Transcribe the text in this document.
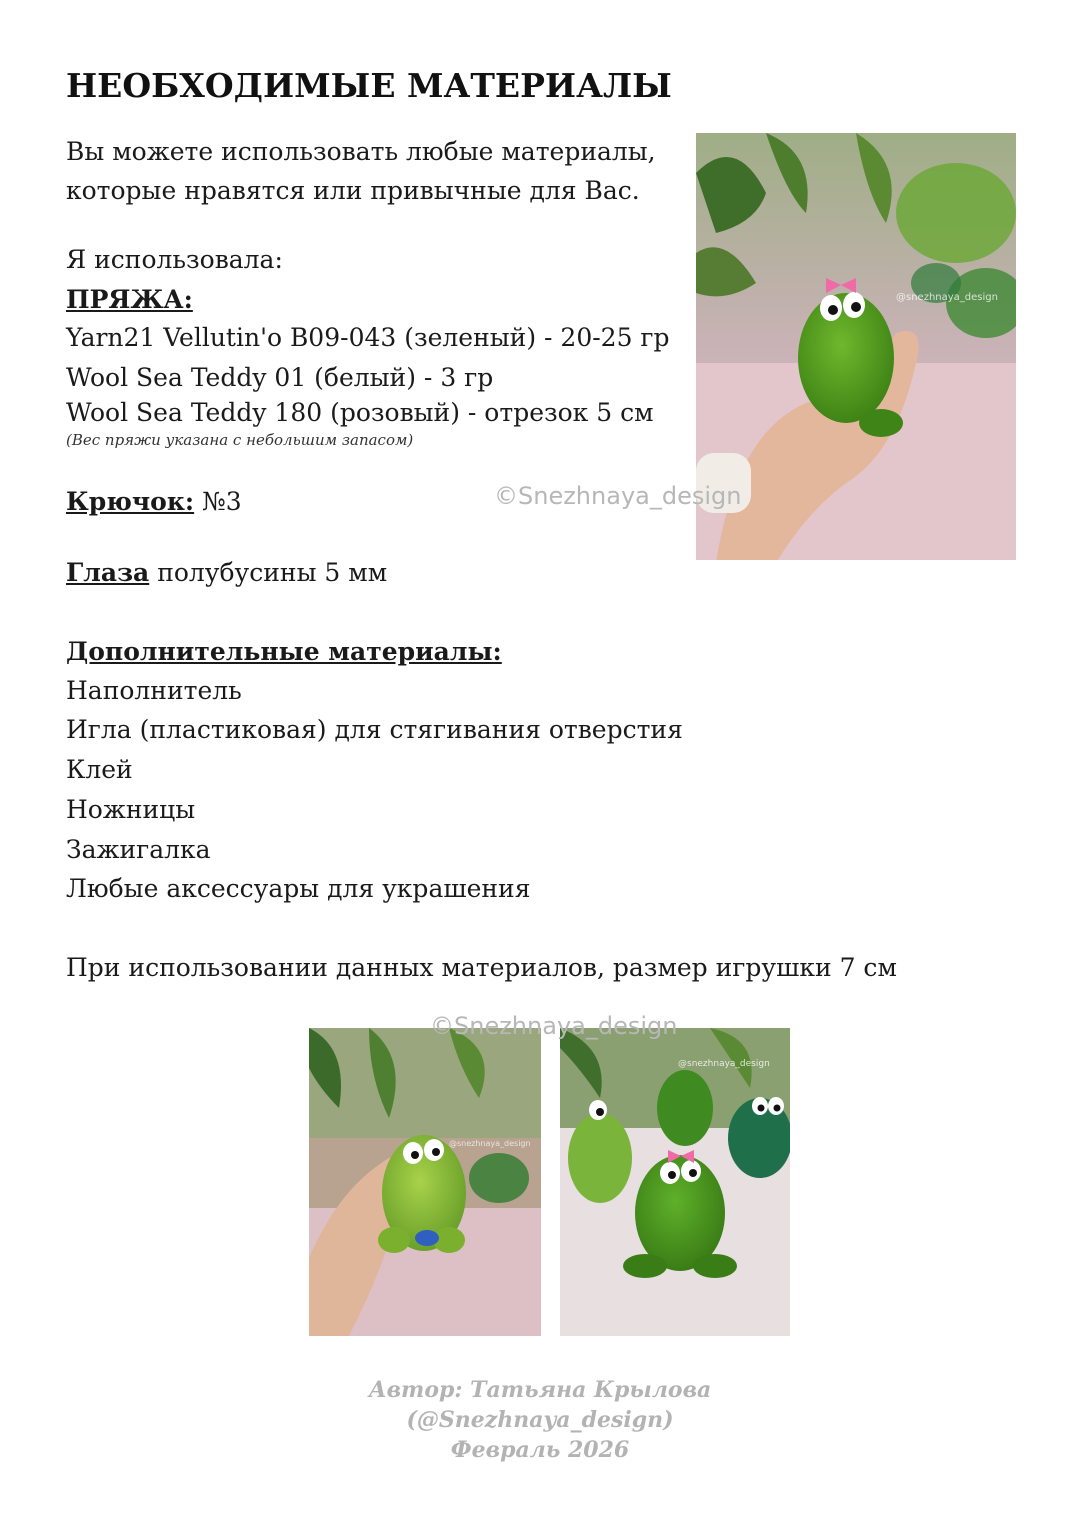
НЕОБХОДИМЫЕ МАТЕРИАЛЫ
Вы можете использовать любые материалы,
которые нравятся или привычные для Вас.
Я использовала:
ПРЯЖА:
Yarn21 Vellutin'o B09-043 (зеленый) - 20-25 гр
Wool Sea Teddy 01 (белый) - 3 гр
Wool Sea Teddy 180 (розовый) - отрезок 5 см
(Вес пряжи указана с небольшим запасом)
Крючок: №3
Глаза полубусины 5 мм
Дополнительные материалы:
Наполнитель
Игла (пластиковая) для стягивания отверстия
Клей
Ножницы
Зажигалка
Любые аксессуары для украшения
При использовании данных материалов, размер игрушки 7 см
@snezhnaya_design
©Snezhnaya_design
@snezhnaya_design
@snezhnaya_design
©Snezhnaya_design
Автор: Татьяна Крылова
(@Snezhnaya_design)
Февраль 2026
